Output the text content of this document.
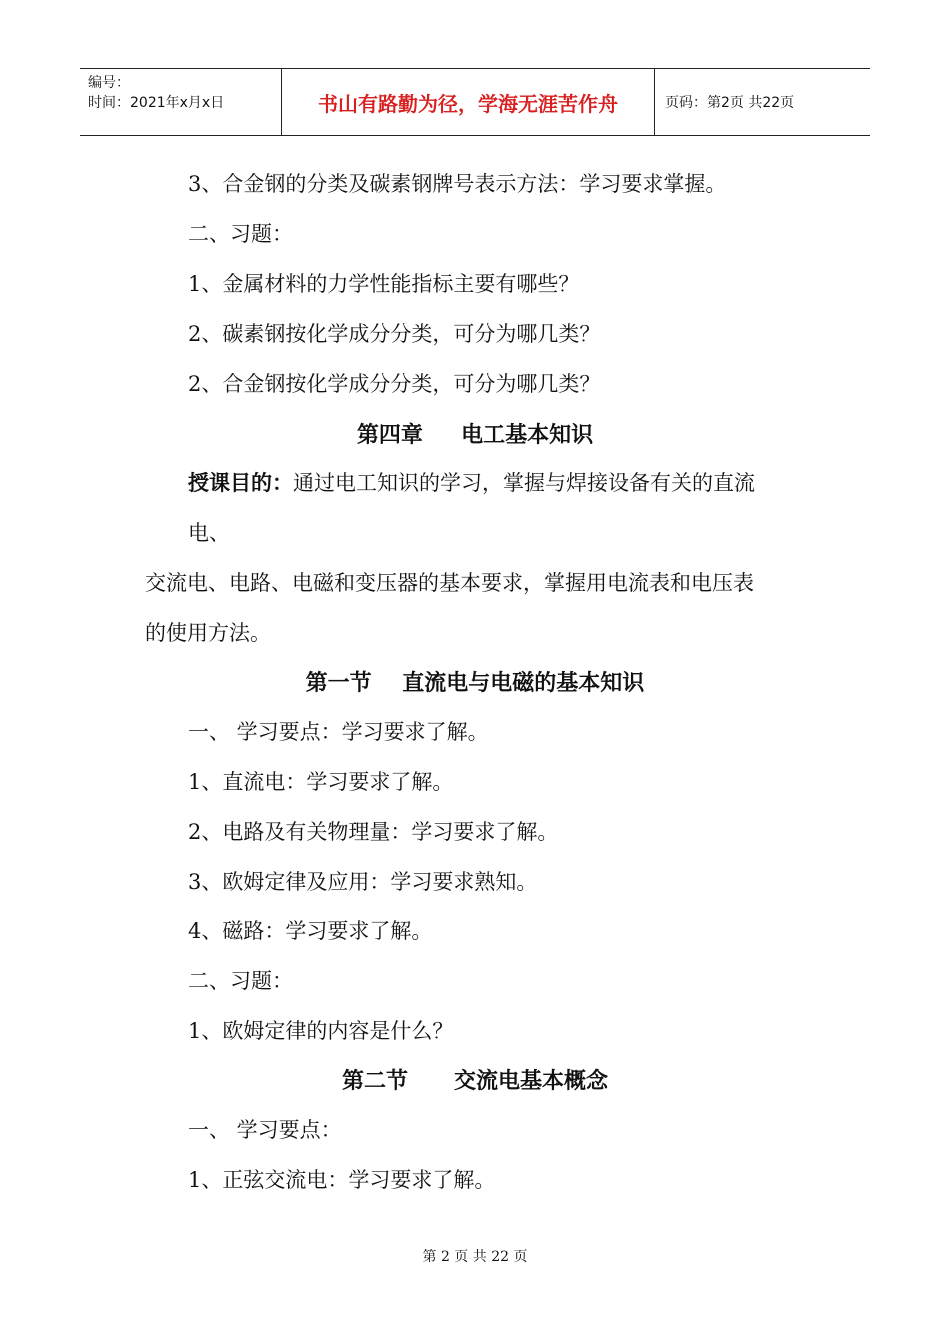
编号：
时间：2021年x月x日	书山有路勤为径，学海无涯苦作舟	页码：第2页 共22页
3、合金钢的分类及碳素钢牌号表示方法：学习要求掌握。
二、习题：
1、金属材料的力学性能指标主要有哪些？
2、碳素钢按化学成分分类，可分为哪几类？
2、合金钢按化学成分分类，可分为哪几类？
第四章     电工基本知识
授课目的：通过电工知识的学习，掌握与焊接设备有关的直流
电、
交流电、电路、电磁和变压器的基本要求，掌握用电流表和电压表
的使用方法。
第一节    直流电与电磁的基本知识
一、 学习要点：学习要求了解。
1、直流电：学习要求了解。
2、电路及有关物理量：学习要求了解。
3、欧姆定律及应用：学习要求熟知。
4、磁路：学习要求了解。
二、习题：
1、欧姆定律的内容是什么？
第二节      交流电基本概念
一、 学习要点：
1、正弦交流电：学习要求了解。
第 2 页 共 22 页
